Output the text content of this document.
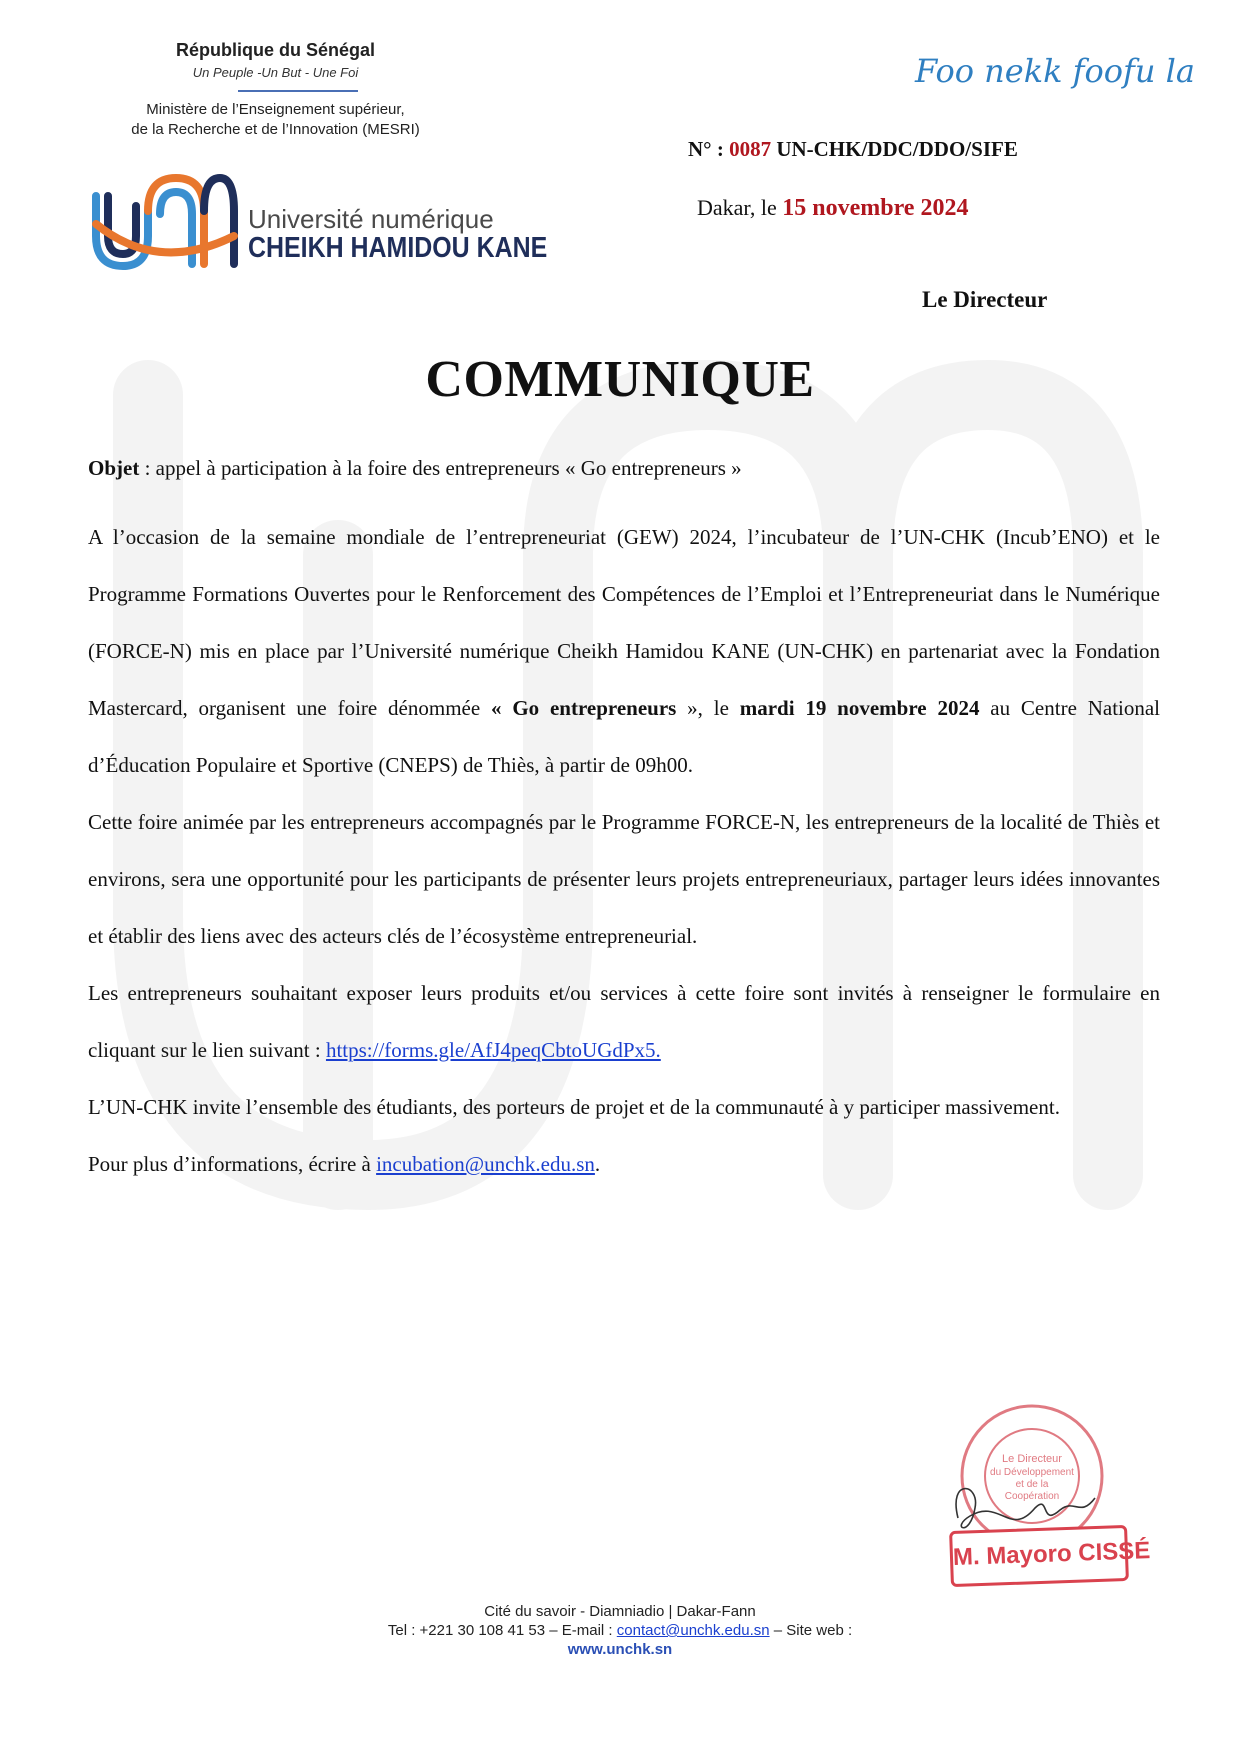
République du Sénégal
Un Peuple -Un But - Une Foi
Ministère de l’Enseignement supérieur,
de la Recherche et de l’Innovation (MESRI)
Université numérique
CHEIKH HAMIDOU KANE
Foo nekk foofu la
N° : 0087 UN-CHK/DDC/DDO/SIFE
Dakar, le 15 novembre 2024
Le Directeur
COMMUNIQUE

Objet : appel à participation à la foire des entrepreneurs « Go entrepreneurs »

A l’occasion de la semaine mondiale de l’entrepreneuriat (GEW) 2024, l’incubateur de l’UN-CHK (Incub’ENO) et le Programme Formations Ouvertes pour le Renforcement des Compétences de l’Emploi et l’Entrepreneuriat dans le Numérique (FORCE-N) mis en place par l’Université numérique Cheikh Hamidou KANE (UN-CHK) en partenariat avec la Fondation Mastercard, organisent une foire dénommée « Go entrepreneurs », le mardi 19 novembre 2024 au Centre National d’Éducation Populaire et Sportive (CNEPS) de Thiès, à partir de 09h00.

Cette foire animée par les entrepreneurs accompagnés par le Programme FORCE-N, les entrepreneurs de la localité de Thiès et environs, sera une opportunité pour les participants de présenter leurs projets entrepreneuriaux, partager leurs idées innovantes et établir des liens avec des acteurs clés de l’écosystème entrepreneurial.

Les entrepreneurs souhaitant exposer leurs produits et/ou services à cette foire sont invités à renseigner le formulaire en cliquant sur le lien suivant : https://forms.gle/AfJ4peqCbtoUGdPx5.

L’UN-CHK invite l’ensemble des étudiants, des porteurs de projet et de la communauté à y participer massivement.

Pour plus d’informations, écrire à incubation@unchk.edu.sn.

Le Directeur
du Développement
et de la
Coopération
M. Mayoro CISSÉ
Cité du savoir - Diamniadio | Dakar-Fann
Tel : +221 30 108 41 53 – E-mail : contact@unchk.edu.sn – Site web :
www.unchk.sn
